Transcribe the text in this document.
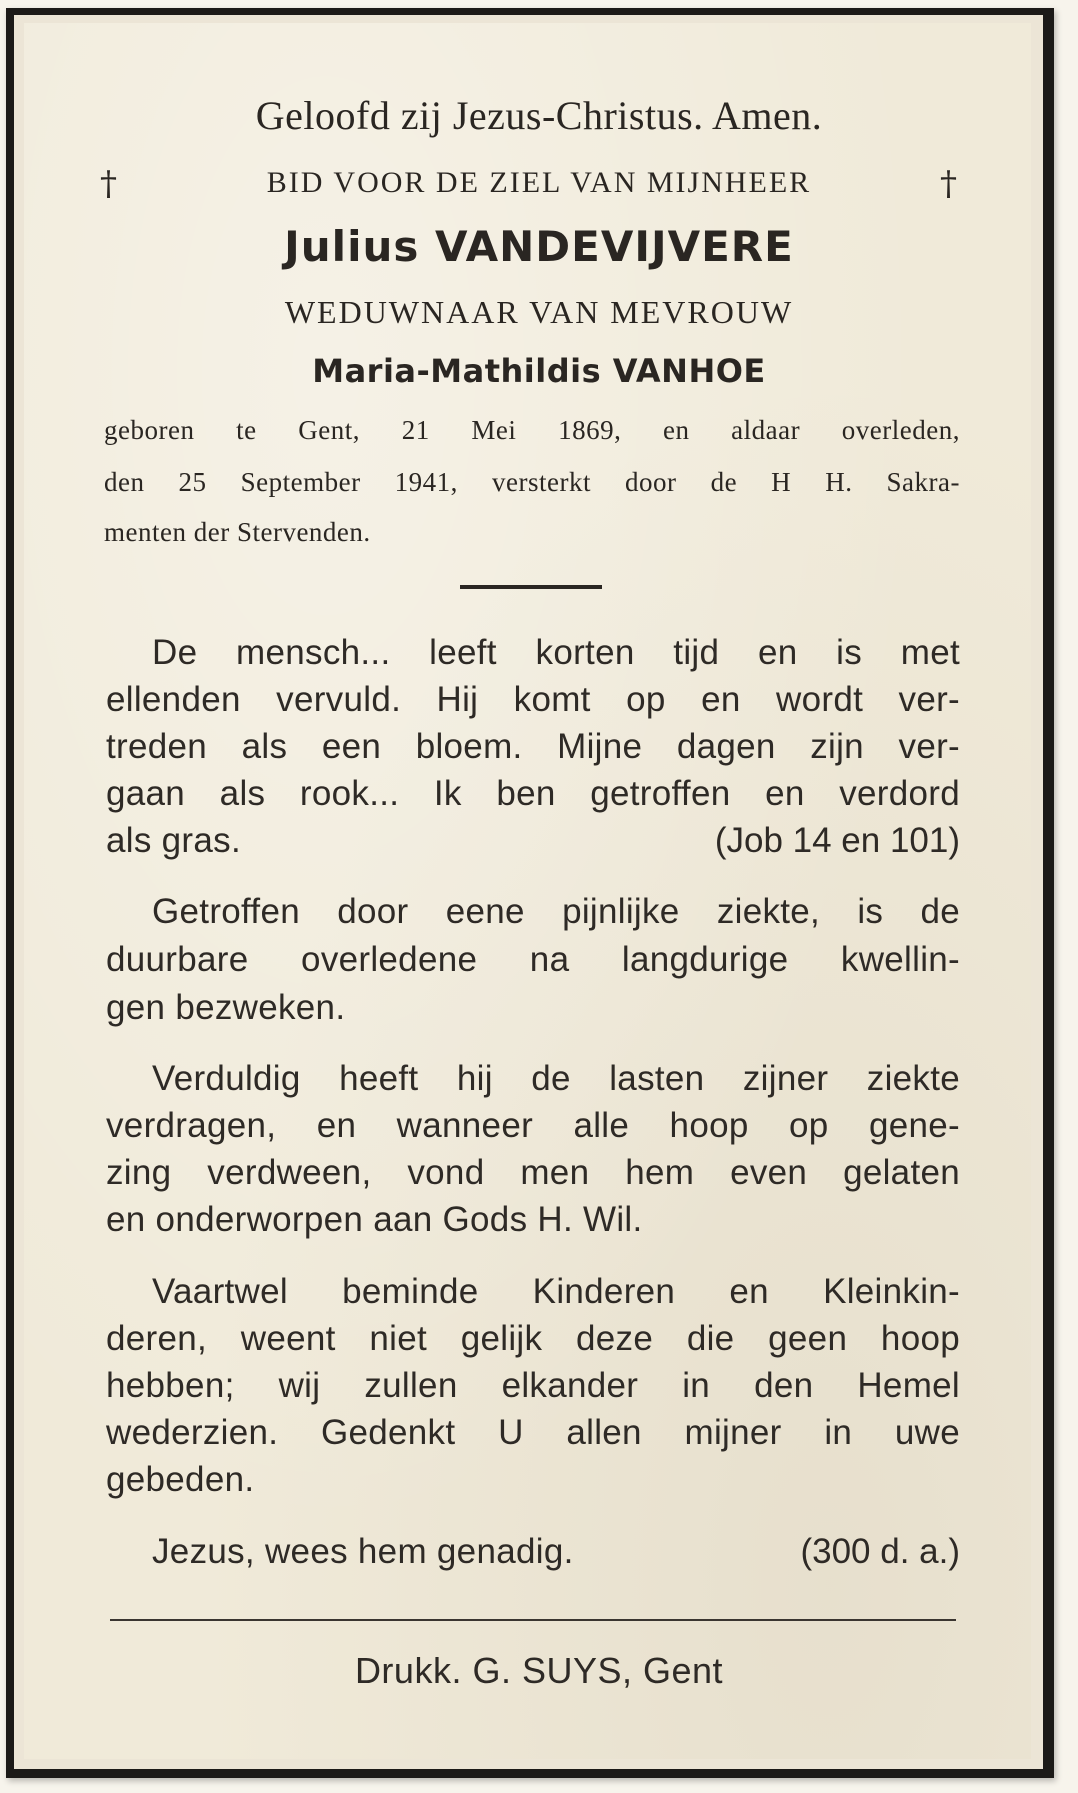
Geloofd zij Jezus-Christus. Amen.
†	BID VOOR DE ZIEL VAN MIJNHEER	†
Julius VANDEVIJVERE
WEDUWNAAR VAN MEVROUW
Maria-Mathildis VANHOE
geboren te Gent, 21 Mei 1869, en aldaar overleden,
den 25 September 1941, versterkt door de H H. Sakra-
menten der Stervenden.
De mensch... leeft korten tijd en is met
ellenden vervuld. Hij komt op en wordt ver-
treden als een bloem. Mijne dagen zijn ver-
gaan als rook... Ik ben getroffen en verdord
als gras.	(Job 14 en 101)
Getroffen door eene pijnlijke ziekte, is de
duurbare overledene na langdurige kwellin-
gen bezweken.
Verduldig heeft hij de lasten zijner ziekte
verdragen, en wanneer alle hoop op gene-
zing verdween, vond men hem even gelaten
en onderworpen aan Gods H. Wil.
Vaartwel beminde Kinderen en Kleinkin-
deren, weent niet gelijk deze die geen hoop
hebben; wij zullen elkander in den Hemel
wederzien. Gedenkt U allen mijner in uwe
gebeden.
Jezus, wees hem genadig.	(300 d. a.)
Drukk. G. SUYS, Gent
